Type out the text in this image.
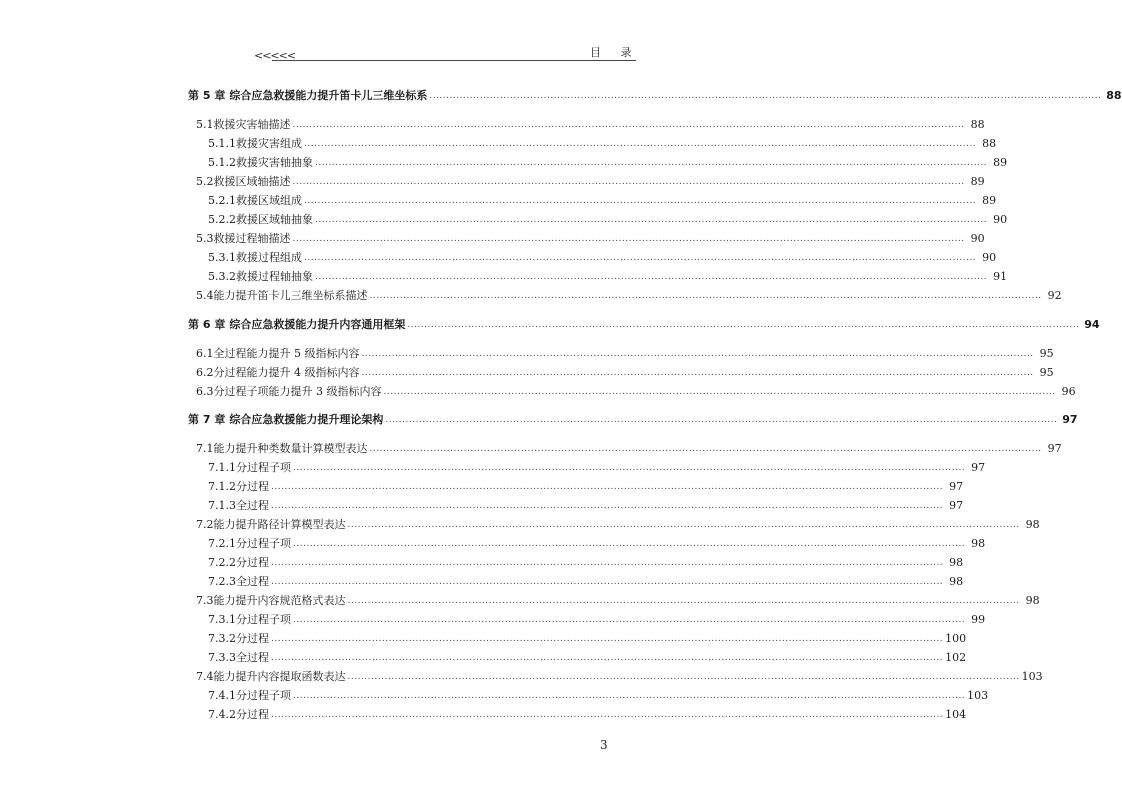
<<<<<	目 录
第 5 章 综合应急救援能力提升笛卡儿三维坐标系 ........................................................................................................................................................................................................ 88
5.1 救援灾害轴描述 ........................................................................................................................................................................................................ 88
5.1.1 救援灾害组成 ........................................................................................................................................................................................................ 88
5.1.2 救援灾害轴抽象 ........................................................................................................................................................................................................ 89
5.2 救援区域轴描述 ........................................................................................................................................................................................................ 89
5.2.1 救援区域组成 ........................................................................................................................................................................................................ 89
5.2.2 救援区域轴抽象 ........................................................................................................................................................................................................ 90
5.3 救援过程轴描述 ........................................................................................................................................................................................................ 90
5.3.1 救援过程组成 ........................................................................................................................................................................................................ 90
5.3.2 救援过程轴抽象 ........................................................................................................................................................................................................ 91
5.4 能力提升笛卡儿三维坐标系描述 ........................................................................................................................................................................................................ 92
第 6 章 综合应急救援能力提升内容通用框架 ........................................................................................................................................................................................................ 94
6.1 全过程能力提升 5 级指标内容 ........................................................................................................................................................................................................ 95
6.2 分过程能力提升 4 级指标内容 ........................................................................................................................................................................................................ 95
6.3 分过程子项能力提升 3 级指标内容 ........................................................................................................................................................................................................ 96
第 7 章 综合应急救援能力提升理论架构 ........................................................................................................................................................................................................ 97
7.1 能力提升种类数量计算模型表达 ........................................................................................................................................................................................................ 97
7.1.1 分过程子项 ........................................................................................................................................................................................................ 97
7.1.2 分过程 ........................................................................................................................................................................................................ 97
7.1.3 全过程 ........................................................................................................................................................................................................ 97
7.2 能力提升路径计算模型表达 ........................................................................................................................................................................................................ 98
7.2.1 分过程子项 ........................................................................................................................................................................................................ 98
7.2.2 分过程 ........................................................................................................................................................................................................ 98
7.2.3 全过程 ........................................................................................................................................................................................................ 98
7.3 能力提升内容规范格式表达 ........................................................................................................................................................................................................ 98
7.3.1 分过程子项 ........................................................................................................................................................................................................ 99
7.3.2 分过程 ........................................................................................................................................................................................................ 100
7.3.3 全过程 ........................................................................................................................................................................................................ 102
7.4 能力提升内容提取函数表达 ........................................................................................................................................................................................................ 103
7.4.1 分过程子项 ........................................................................................................................................................................................................ 103
7.4.2 分过程 ........................................................................................................................................................................................................ 104
3
